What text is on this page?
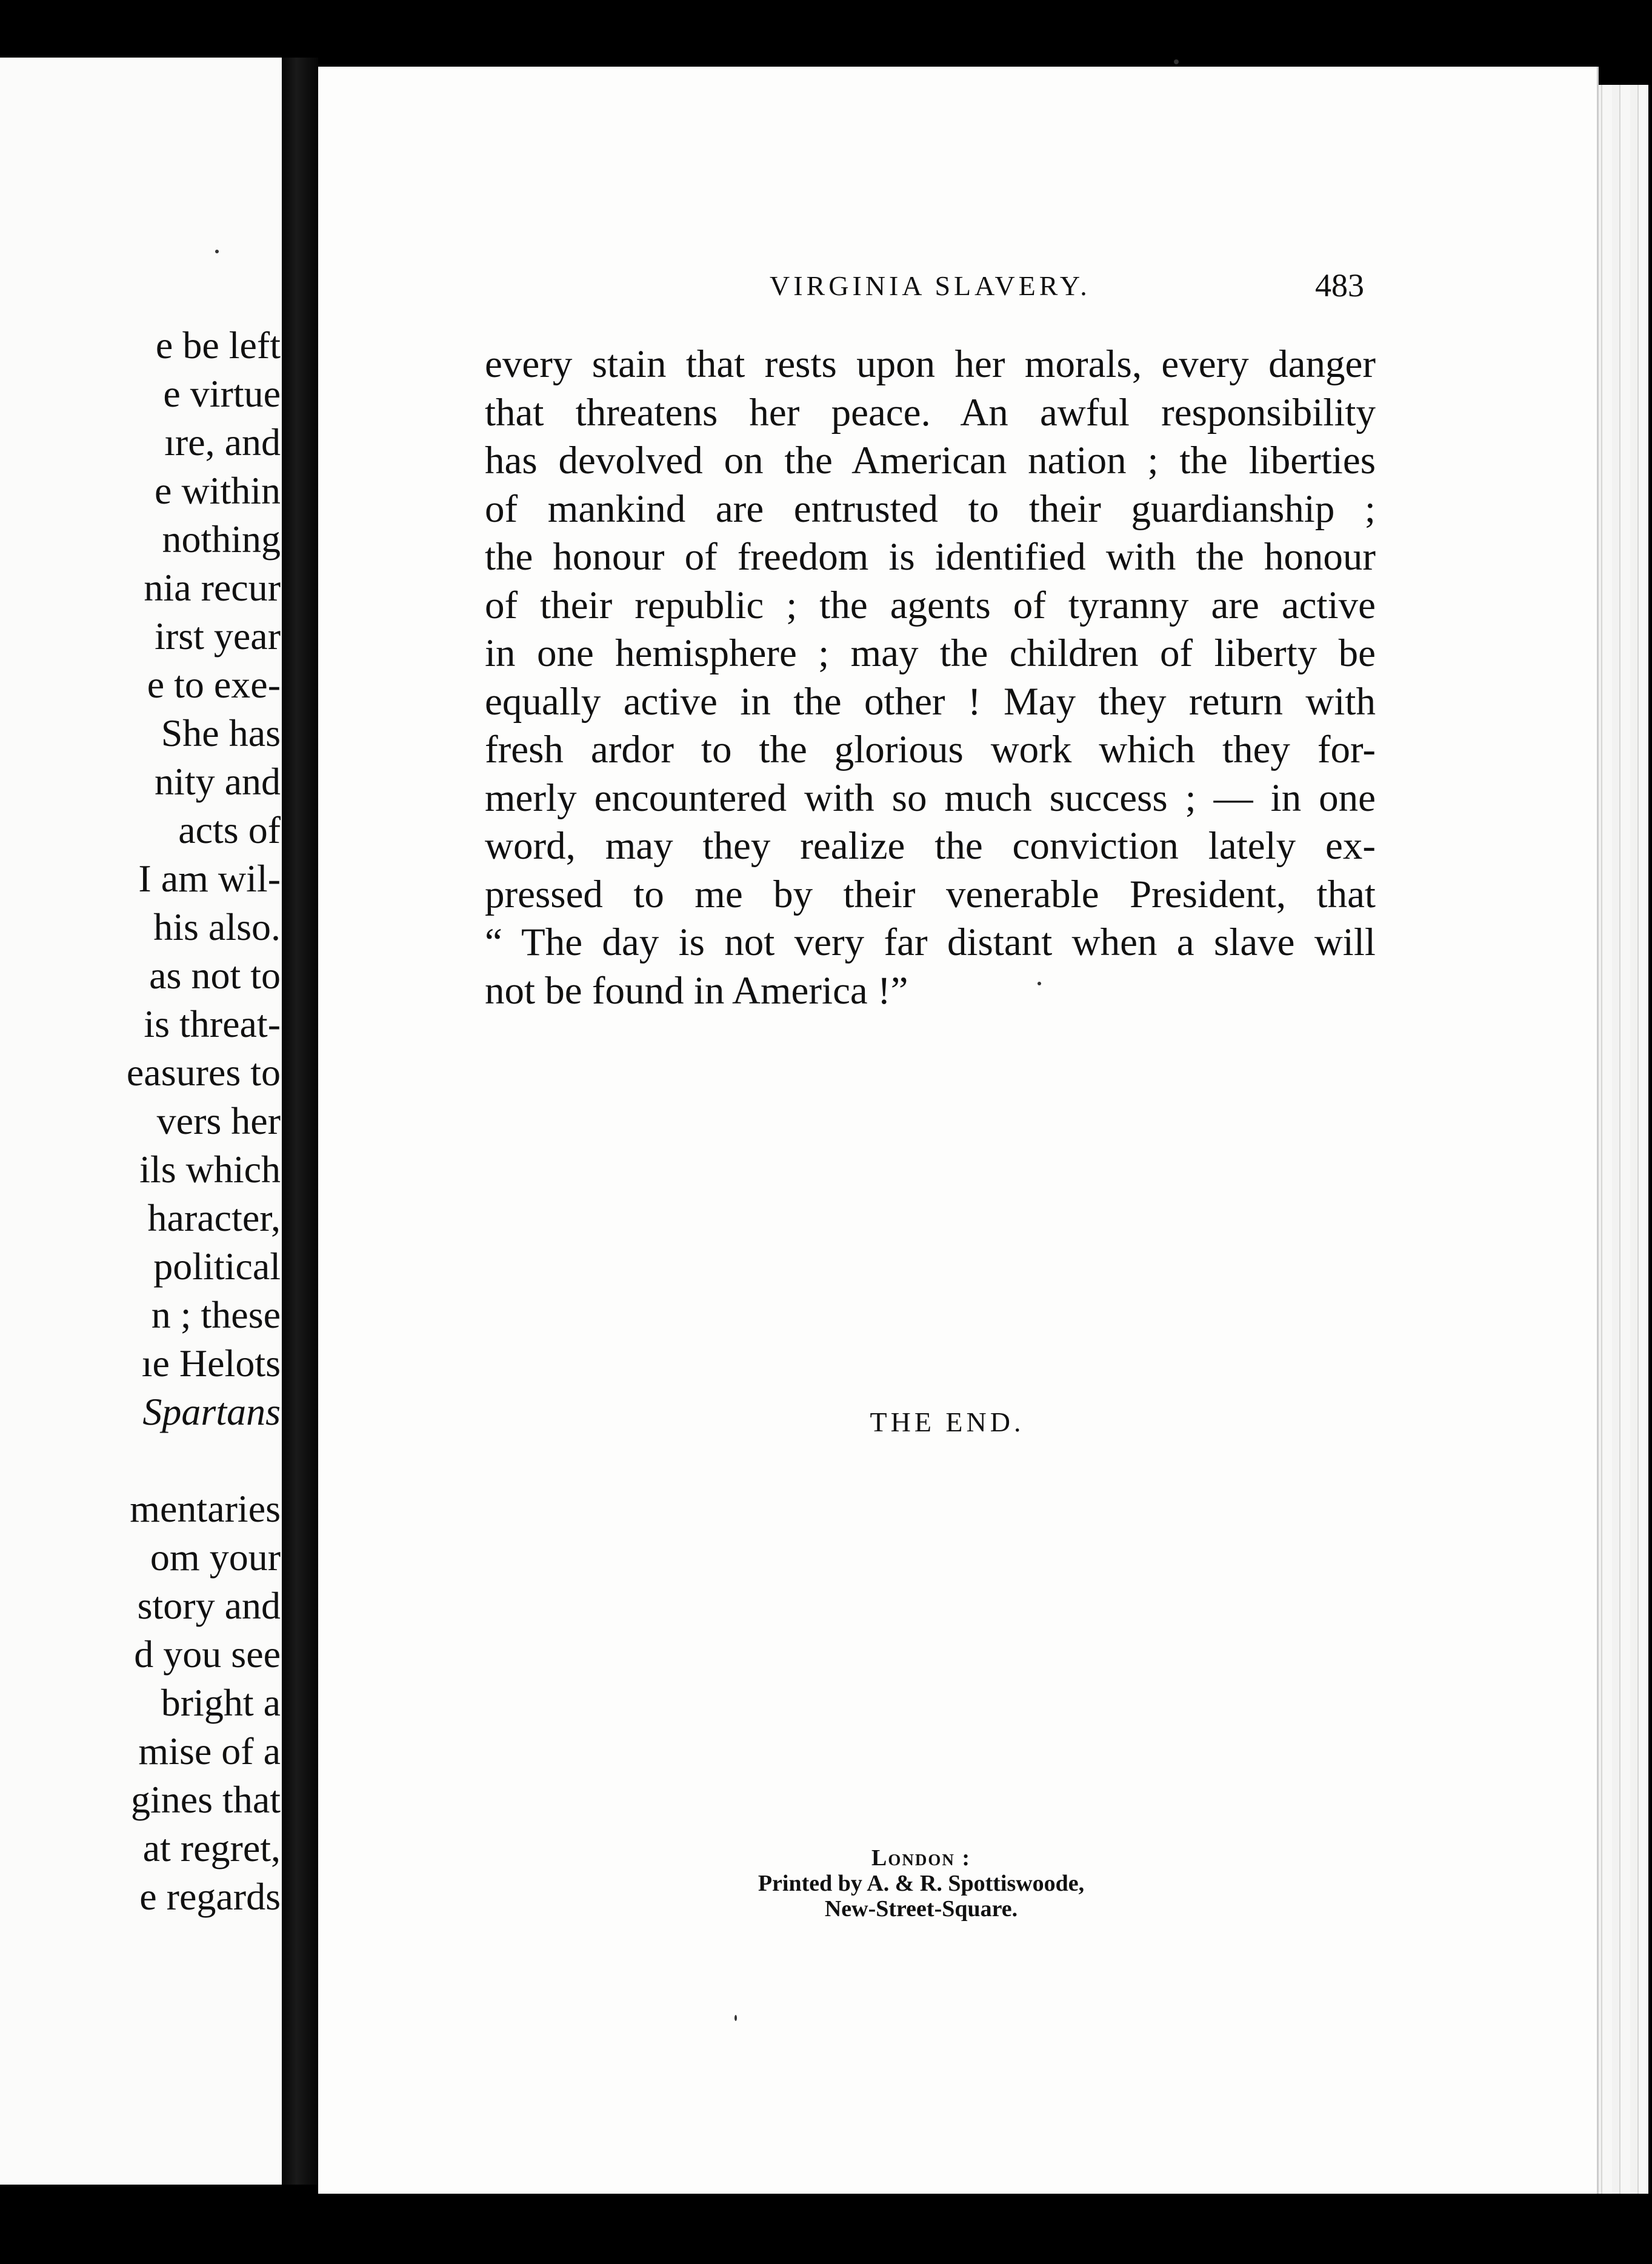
e be left
e virtue
ıre, and
e within
nothing
nia recur
irst year
e to exe-
She has
nity and
acts of
I am wil-
his also.
as not to
is threat-
easures to
vers her
ils which
haracter,
political
n ; these
ıe Helots
Spartans
mentaries
om your
story and
d you see
bright a
mise of a
gines that
at regret,
e regards
VIRGINIA SLAVERY.	483
every stain that rests upon her morals, every danger
that threatens her peace. An awful responsibility
has devolved on the American nation ; the liberties
of mankind are entrusted to their guardianship ;
the honour of freedom is identified with the honour
of their republic ; the agents of tyranny are active
in one hemisphere ; may the children of liberty be
equally active in the other ! May they return with
fresh ardor to the glorious work which they for-
merly encountered with so much success ; — in one
word, may they realize the conviction lately ex-
pressed to me by their venerable President, that
“ The day is not very far distant when a slave will
not be found in America !”
THE END.
London :
Printed by A. & R. Spottiswoode,
New-Street-Square.
